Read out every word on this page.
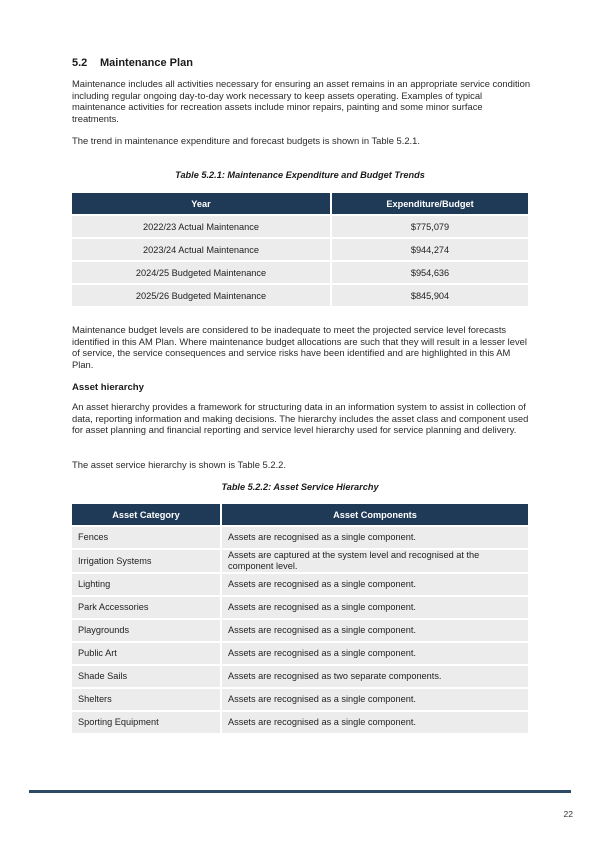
5.2 Maintenance Plan
Maintenance includes all activities necessary for ensuring an asset remains in an appropriate service condition including regular ongoing day-to-day work necessary to keep assets operating. Examples of typical maintenance activities for recreation assets include minor repairs, painting and some minor surface treatments.
The trend in maintenance expenditure and forecast budgets is shown in Table 5.2.1.
Table 5.2.1: Maintenance Expenditure and Budget Trends
Year	Expenditure/Budget
2022/23 Actual Maintenance	$775,079
2023/24 Actual Maintenance	$944,274
2024/25 Budgeted Maintenance	$954,636
2025/26 Budgeted Maintenance	$845,904
Maintenance budget levels are considered to be inadequate to meet the projected service level forecasts identified in this AM Plan. Where maintenance budget allocations are such that they will result in a lesser level of service, the service consequences and service risks have been identified and are highlighted in this AM Plan.
Asset hierarchy
An asset hierarchy provides a framework for structuring data in an information system to assist in collection of data, reporting information and making decisions. The hierarchy includes the asset class and component used for asset planning and financial reporting and service level hierarchy used for service planning and delivery.
The asset service hierarchy is shown is Table 5.2.2.
Table 5.2.2: Asset Service Hierarchy
Asset Category	Asset Components
Fences	Assets are recognised as a single component.
Irrigation Systems	Assets are captured at the system level and recognised at the component level.
Lighting	Assets are recognised as a single component.
Park Accessories	Assets are recognised as a single component.
Playgrounds	Assets are recognised as a single component.
Public Art	Assets are recognised as a single component.
Shade Sails	Assets are recognised as two separate components.
Shelters	Assets are recognised as a single component.
Sporting Equipment	Assets are recognised as a single component.
22
